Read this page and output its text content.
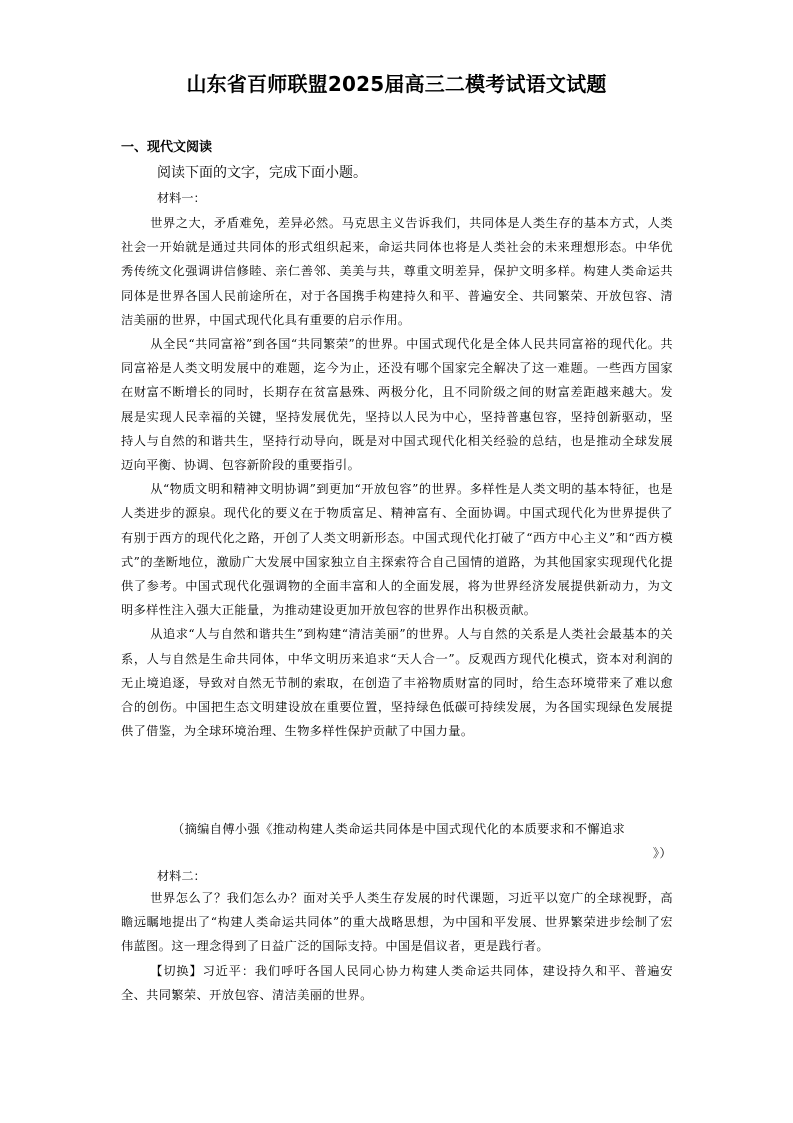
山东省百师联盟2025届高三二模考试语文试题
一、现代文阅读
阅读下面的文字，完成下面小题。
材料一：

世界之大，矛盾难免，差异必然。马克思主义告诉我们，共同体是人类生存的基本方式，人类社会一开始就是通过共同体的形式组织起来，命运共同体也将是人类社会的未来理想形态。中华优秀传统文化强调讲信修睦、亲仁善邻、美美与共，尊重文明差异，保护文明多样。构建人类命运共同体是世界各国人民前途所在，对于各国携手构建持久和平、普遍安全、共同繁荣、开放包容、清洁美丽的世界，中国式现代化具有重要的启示作用。

从全民“共同富裕”到各国“共同繁荣”的世界。中国式现代化是全体人民共同富裕的现代化。共同富裕是人类文明发展中的难题，迄今为止，还没有哪个国家完全解决了这一难题。一些西方国家在财富不断增长的同时，长期存在贫富悬殊、两极分化，且不同阶级之间的财富差距越来越大。发展是实现人民幸福的关键，坚持发展优先，坚持以人民为中心，坚持普惠包容，坚持创新驱动，坚持人与自然的和谐共生，坚持行动导向，既是对中国式现代化相关经验的总结，也是推动全球发展迈向平衡、协调、包容新阶段的重要指引。

从“物质文明和精神文明协调”到更加“开放包容”的世界。多样性是人类文明的基本特征，也是人类进步的源泉。现代化的要义在于物质富足、精神富有、全面协调。中国式现代化为世界提供了有别于西方的现代化之路，开创了人类文明新形态。中国式现代化打破了“西方中心主义”和“西方模式”的垄断地位，激励广大发展中国家独立自主探索符合自己国情的道路，为其他国家实现现代化提供了参考。中国式现代化强调物的全面丰富和人的全面发展，将为世界经济发展提供新动力，为文明多样性注入强大正能量，为推动建设更加开放包容的世界作出积极贡献。

从追求“人与自然和谐共生”到构建“清洁美丽”的世界。人与自然的关系是人类社会最基本的关系，人与自然是生命共同体，中华文明历来追求“天人合一”。反观西方现代化模式，资本对利润的无止境追逐，导致对自然无节制的索取，在创造了丰裕物质财富的同时，给生态环境带来了难以愈合的创伤。中国把生态文明建设放在重要位置，坚持绿色低碳可持续发展，为各国实现绿色发展提供了借鉴，为全球环境治理、生物多样性保护贡献了中国力量。

（摘编自傅小强《推动构建人类命运共同体是中国式现代化的本质要求和不懈追求
》）
材料二：

世界怎么了？我们怎么办？面对关乎人类生存发展的时代课题，习近平以宽广的全球视野，高瞻远瞩地提出了“构建人类命运共同体”的重大战略思想，为中国和平发展、世界繁荣进步绘制了宏伟蓝图。这一理念得到了日益广泛的国际支持。中国是倡议者，更是践行者。

【切换】习近平：我们呼吁各国人民同心协力构建人类命运共同体，建设持久和平、普遍安全、共同繁荣、开放包容、清洁美丽的世界。
